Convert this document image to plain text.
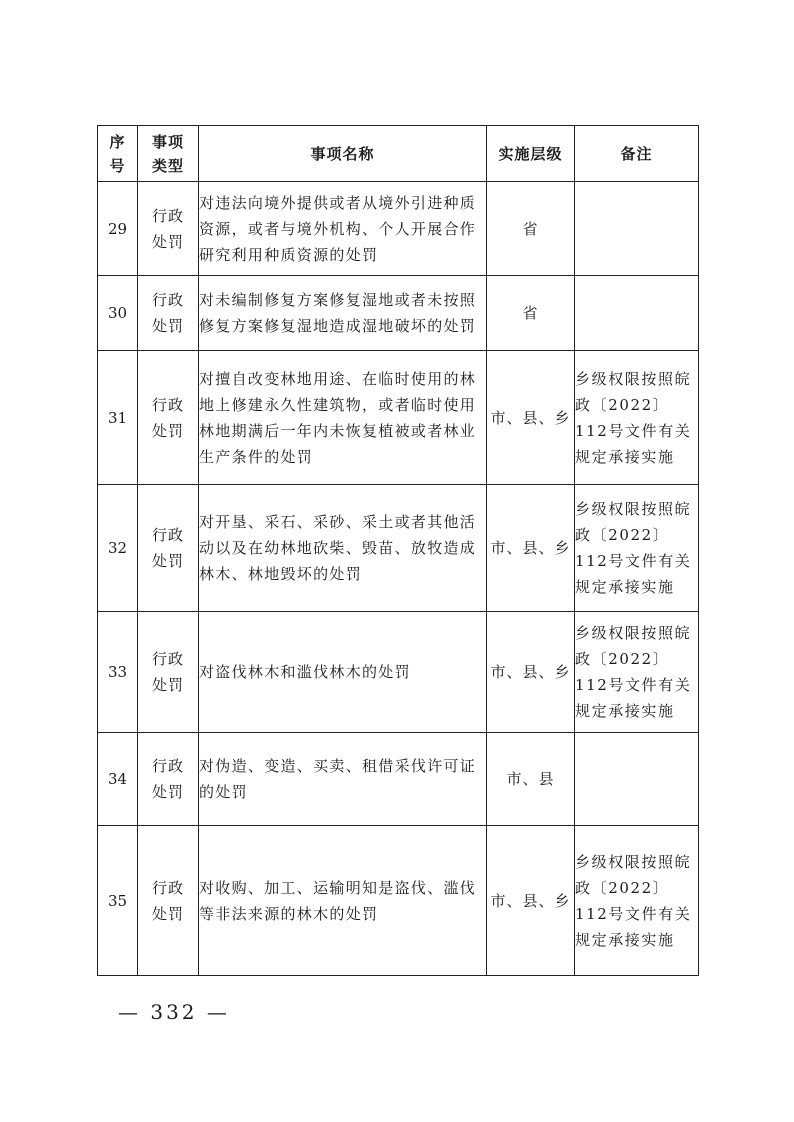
序号	事项类型	事项名称	实施层级	备注
29	行政处罚	对违法向境外提供或者从境外引进种质资源，或者与境外机构、个人开展合作研究利用种质资源的处罚	省	
30	行政处罚	对未编制修复方案修复湿地或者未按照修复方案修复湿地造成湿地破坏的处罚	省	
31	行政处罚	对擅自改变林地用途、在临时使用的林地上修建永久性建筑物，或者临时使用林地期满后一年内未恢复植被或者林业生产条件的处罚	市、县、乡	乡级权限按照皖政〔2022〕112号文件有关规定承接实施
32	行政处罚	对开垦、采石、采砂、采土或者其他活动以及在幼林地砍柴、毁苗、放牧造成林木、林地毁坏的处罚	市、县、乡	乡级权限按照皖政〔2022〕112号文件有关规定承接实施
33	行政处罚	对盗伐林木和滥伐林木的处罚	市、县、乡	乡级权限按照皖政〔2022〕112号文件有关规定承接实施
34	行政处罚	对伪造、变造、买卖、租借采伐许可证的处罚	市、县	
35	行政处罚	对收购、加工、运输明知是盗伐、滥伐等非法来源的林木的处罚	市、县、乡	乡级权限按照皖政〔2022〕112号文件有关规定承接实施
— 332 —
